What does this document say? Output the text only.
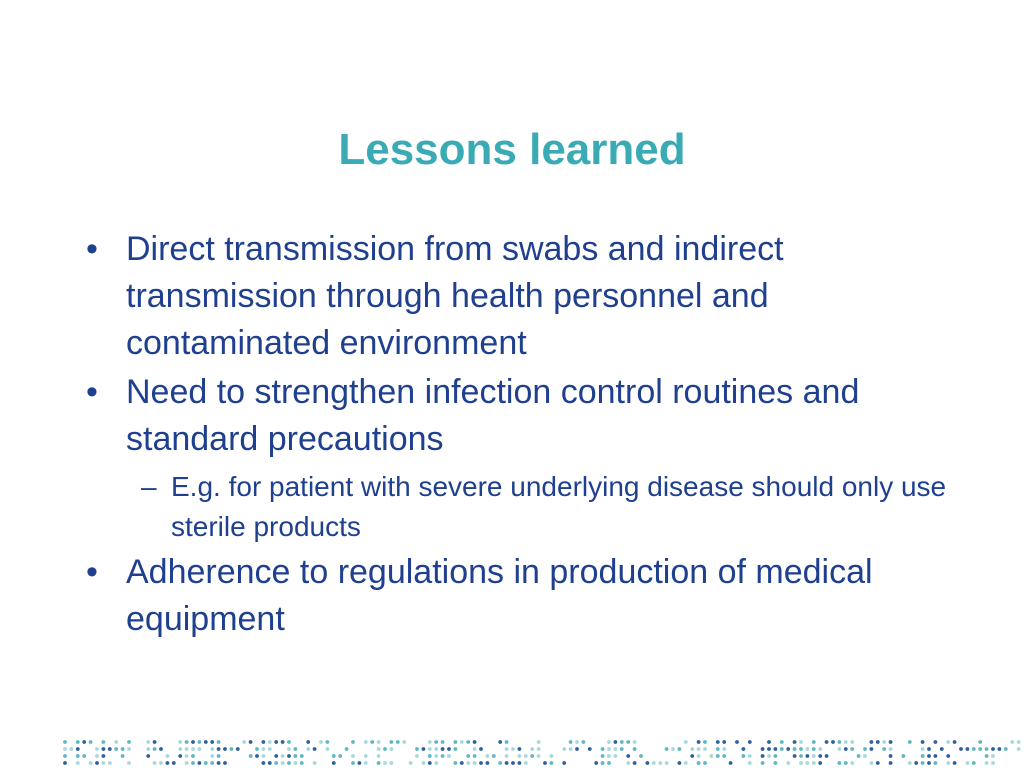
Lessons learned
• Direct transmission from swabs and indirect transmission through health personnel and contaminated environment
• Need to strengthen infection control routines and standard precautions
– E.g. for patient with severe underlying disease should only use sterile products
• Adherence to regulations in production of medical equipment
